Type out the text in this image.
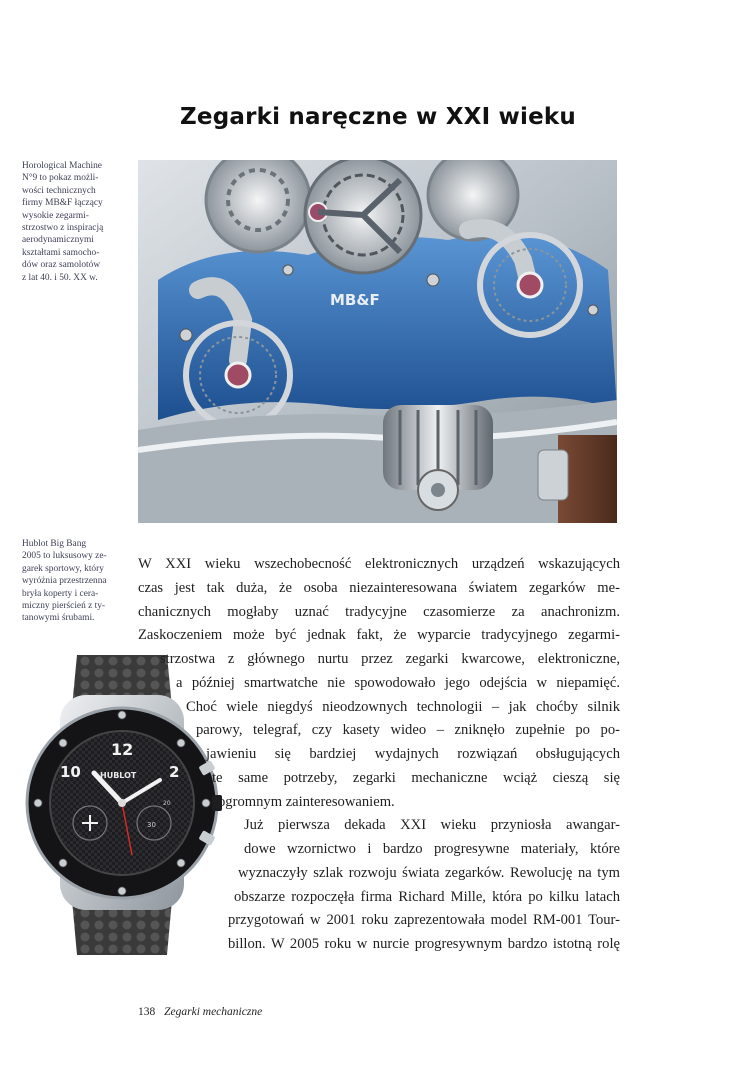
Zegarki naręczne w XXI wieku
Horological Machine
N°9 to pokaz możli-
wości technicznych
firmy MB&F łączący
wysokie zegarmi-
strzostwo z inspiracją
aerodynamicznymi
kształtami samocho-
dów oraz samolotów
z lat 40. i 50. XX w.
MB&F
Hublot Big Bang
2005 to luksusowy ze-
garek sportowy, który
wyróżnia przestrzenna
bryła koperty i cera-
miczny pierścień z ty-
tanowymi śrubami.
12
10	2
HUBLOT
30
20
W XXI wieku wszechobecność elektronicznych urządzeń wskazujących
czas jest tak duża, że osoba niezainteresowana światem zegarków me-
chanicznych mogłaby uznać tradycyjne czasomierze za anachronizm.
Zaskoczeniem może być jednak fakt, że wyparcie tradycyjnego zegarmi-
strzostwa z głównego nurtu przez zegarki kwarcowe, elektroniczne,
a później smartwatche nie spowodowało jego odejścia w niepamięć.
Choć wiele niegdyś nieodzownych technologii – jak choćby silnik
parowy, telegraf, czy kasety wideo – zniknęło zupełnie po po-
jawieniu się bardziej wydajnych rozwiązań obsługujących
te same potrzeby, zegarki mechaniczne wciąż cieszą się
ogromnym zainteresowaniem.
Już pierwsza dekada XXI wieku przyniosła awangar-
dowe wzornictwo i bardzo progresywne materiały, które
wyznaczyły szlak rozwoju świata zegarków. Rewolucję na tym
obszarze rozpoczęła firma Richard Mille, która po kilku latach
przygotowań w 2001 roku zaprezentowała model RM-001 Tour-
billon. W 2005 roku w nurcie progresywnym bardzo istotną rolę
138 Zegarki mechaniczne
